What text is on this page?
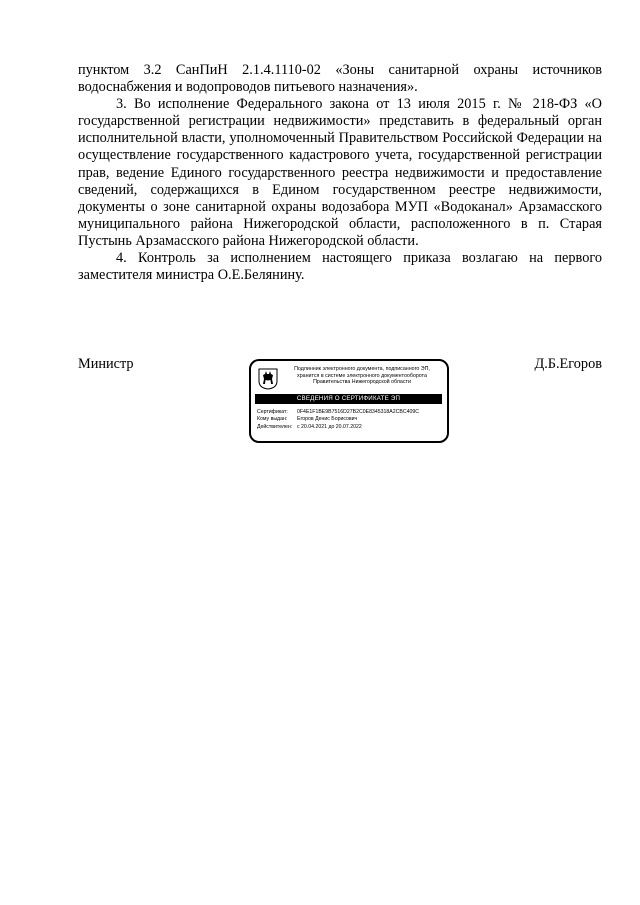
пунктом 3.2 СанПиН 2.1.4.1110-02 «Зоны санитарной охраны источников водоснабжения и водопроводов питьевого назначения».

3. Во исполнение Федерального закона от 13 июля 2015 г. № 218-ФЗ «О государственной регистрации недвижимости» представить в федеральный орган исполнительной власти, уполномоченный Правительством Российской Федерации на осуществление государственного кадастрового учета, государственной регистрации прав, ведение Единого государственного реестра недвижимости и предоставление сведений, содержащихся в Едином государственном реестре недвижимости, документы о зоне санитарной охраны водозабора МУП «Водоканал» Арзамасского муниципального района Нижегородской области, расположенного в п. Старая Пустынь Арзамасского района Нижегородской области.

4. Контроль за исполнением настоящего приказа возлагаю на первого заместителя министра О.Е.Белянину.

Министр	Д.Б.Егоров
Подлинник электронного документа, подписанного ЭП,
хранится в системе электронного документооборота
Правительства Нижегородской области
СВЕДЕНИЯ О СЕРТИФИКАТЕ ЭП
Сертификат: 0F4E1F1BE9B7516D27B2C0E8345318A2CBC409C
Кому выдан: Егоров Денис Борисович
Действителен: с 20.04.2021 до 20.07.2022
